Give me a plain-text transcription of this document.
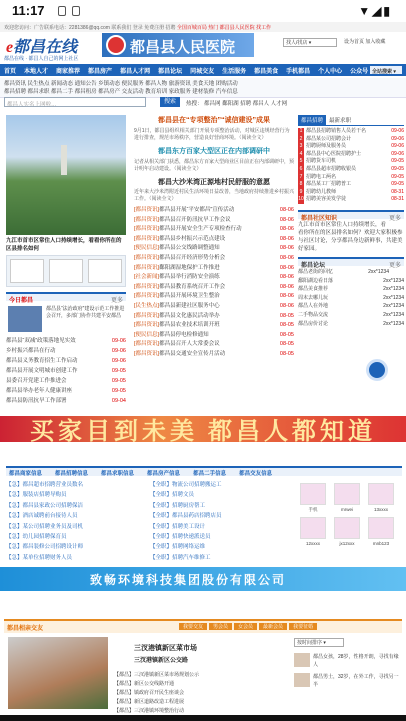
11:17	▼◢▮
欢迎您访问：广告联系电话：2281386@qq.com 联系我们 登录 免费注册 招聘 全国百城百局 热门 都昌县人民医院 找工作
e都昌在线	都昌县人民医院	找人/找店 ▾	设为首页 加入收藏
都昌在线 · 都昌人自己的网上社区
首页 本地人才 商家推荐 都昌房产 都昌人才网 都昌论坛 同城交友 生活服务 都昌美食 手机都昌 个人中心 公众号 全站搜索 ▾
都昌资讯 民生热点 新闻动态 通知公告 乡镇动态 便民服务 都昌人物 旅游资讯 美食天地 团购活动
都昌招聘 都昌求职 都昌二手 都昌租房 都昌房产 交友活动 教育培训 家政服务 建材装修 汽车信息
都昌人实名上网啦…	搜索	热搜： 都昌网 鄱阳湖 招聘 都昌人 人才网
九江市首市区常住人口持续增长，看看你所在的区县排名如何
今日都昌	更多
都昌县“法治政府”建设示范工作推进会召开，多部门协作共建平安都昌
都昌县“双减”政策落地见实效	09-06
乡村振兴都昌在行动	09-06
都昌县义务教育招生工作启动	09-06
都昌县开展文明城市创建工作	09-05
县委召开党建工作推进会	09-05
都昌县举办老年人健康讲座	09-05
都昌县防汛抗旱工作部署	09-04
都昌县在“专项整治”“诚信建设”成果
9月1日，都昌县组织相关部门开展专项整治活动，对城区违规经营行为进行排查，规范市场秩序，营造良好营商环境。（阅读全文）
都昌东方百家大型区正在内部调研中
记者从相关部门获悉，都昌东方百家大型商业区目前正在内部调研中，预计明年启动建设。（阅读全文）
都昌大沙米湾正源地村民舒服的意愿
近年来大沙米湾附近村民生活环境日益改善，当地政府持续推进乡村振兴工作。（阅读全文）
[都昌资讯]都昌县开展“平安都昌”宣传活动	08-06
[都昌资讯]都昌县召开防汛抗旱工作会议	08-06
[都昌资讯]都昌县开展安全生产专项检查行动	08-06
[都昌资讯]都昌县乡村振兴示范点建设	08-06
[便民信息]都昌县公交线路调整通知	08-06
[都昌资讯]都昌县召开经济形势分析会	08-06
[都昌资讯]鄱阳湖湿地保护工作推进	08-06
[社会新闻]都昌县举行消防安全演练	08-06
[都昌资讯]都昌县教育系统召开工作会	08-06
[都昌资讯]都昌县开展环境卫生整治	08-06
[民生热点]都昌县新建社区服务中心	08-06
[都昌资讯]都昌县文化惠民活动举办	08-05
[都昌资讯]都昌县农业技术培训开班	08-05
[便民信息]都昌县停电检修通知	08-05
[都昌资讯]都昌县召开人大常委会议	08-05
[都昌资讯]都昌县交通安全宣传月活动	08-05
都昌招聘	最新求职
1 都昌县招聘销售人员若干名	09-06
2 都昌某公司招聘会计	09-06
3 招聘厨师及服务员	09-06
4 都昌县中心医院招聘护士	09-06
5 招聘货车司机	09-05
6 都昌县超市招聘收银员	09-05
7 招聘电工两名	09-05
8 都昌某工厂招聘普工	09-05
9 招聘幼儿教师	08-31
10 招聘美容美发学徒	08-31
都昌社区知识	更多
九江市首市区常住人口持续增长，看看你所在的区县排名如何？欢迎大家积极参与社区讨论，分享都昌身边新鲜事，共建美好家园。
都昌论坛	更多
都昌老街的回忆	2xx*1234
鄱阳湖边看日落	2xx*1234
都昌美食推荐	2xx*1234
周末去哪儿玩	2xx*1234
都昌人在外地	2xx*1234
二手物品交流	2xx*1234
都昌房价讨论	2xx*1234
买家目到未美 都昌人都知道
都昌商家信息 都昌招聘信息 都昌求职信息 都昌房产信息 都昌二手信息 都昌交友信息
【急】都昌超市招聘营业员数名
【急】服装店招聘导购员
【急】都昌县家政公司招聘保洁
【急】酒店诚聘前台接待人员
【急】某公司招聘业务员及司机
【急】幼儿园招聘保育员
【急】都昌装修公司招聘设计师
【急】某单位招聘财务人员
【全职】物流公司招聘搬运工
【全职】招聘文员
【全职】招聘厨房帮工
【全职】都昌县药店招聘店员
【全职】招聘美工设计
【全职】招聘快递派送员
【全职】招聘网络运维
【全职】招聘汽车维修工
手机	mrwei	13xxxx
12xxxx	jx12xxx	mnb123
致畅环境科技集团股份有限公司
都昌相亲交友	我要交友 男会员 女会员 最新会员 我要征婚
三汊港镇新区菜市场
三汊港镇新区公交路
【都昌】三汊港镇新区菜市场规划公示
【都昌】新区公交线路开通
【都昌】镇政府召开民生座谈会
【都昌】新区道路改造工程进展
【都昌】三汊港镇环境整治行动
按时间排序 ▾
都昌女孩，28岁，性格开朗，寻找有缘人
都昌男士，32岁，在外工作，寻找另一半
